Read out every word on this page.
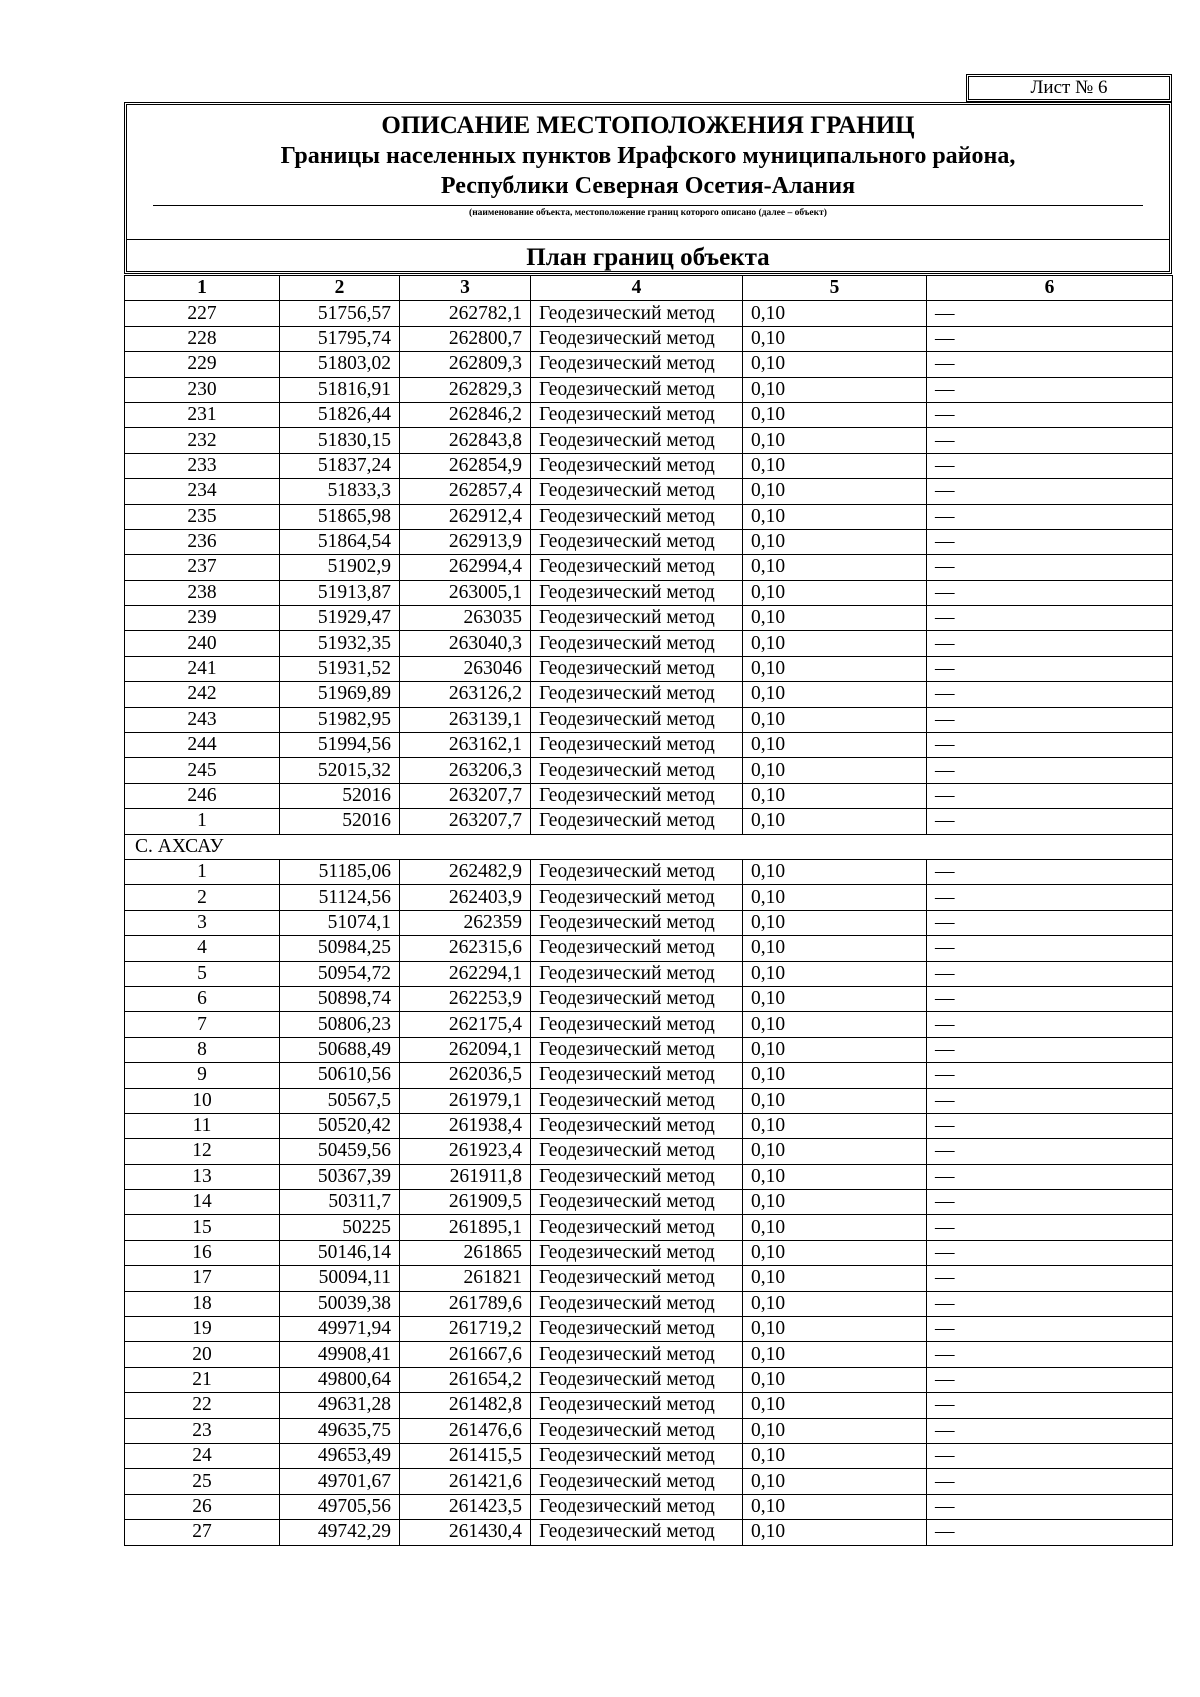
Лист № 6
ОПИСАНИЕ МЕСТОПОЛОЖЕНИЯ ГРАНИЦ
Границы населенных пунктов Ирафского муниципального района,
Республики Северная Осетия-Алания
(наименование объекта, местоположение границ которого описано (далее – объект)
План границ объекта
1	2	3	4	5	6
227	51756,57	262782,1	Геодезический метод	0,10	—
228	51795,74	262800,7	Геодезический метод	0,10	—
229	51803,02	262809,3	Геодезический метод	0,10	—
230	51816,91	262829,3	Геодезический метод	0,10	—
231	51826,44	262846,2	Геодезический метод	0,10	—
232	51830,15	262843,8	Геодезический метод	0,10	—
233	51837,24	262854,9	Геодезический метод	0,10	—
234	51833,3	262857,4	Геодезический метод	0,10	—
235	51865,98	262912,4	Геодезический метод	0,10	—
236	51864,54	262913,9	Геодезический метод	0,10	—
237	51902,9	262994,4	Геодезический метод	0,10	—
238	51913,87	263005,1	Геодезический метод	0,10	—
239	51929,47	263035	Геодезический метод	0,10	—
240	51932,35	263040,3	Геодезический метод	0,10	—
241	51931,52	263046	Геодезический метод	0,10	—
242	51969,89	263126,2	Геодезический метод	0,10	—
243	51982,95	263139,1	Геодезический метод	0,10	—
244	51994,56	263162,1	Геодезический метод	0,10	—
245	52015,32	263206,3	Геодезический метод	0,10	—
246	52016	263207,7	Геодезический метод	0,10	—
1	52016	263207,7	Геодезический метод	0,10	—
С. АХСАУ					
1	51185,06	262482,9	Геодезический метод	0,10	—
2	51124,56	262403,9	Геодезический метод	0,10	—
3	51074,1	262359	Геодезический метод	0,10	—
4	50984,25	262315,6	Геодезический метод	0,10	—
5	50954,72	262294,1	Геодезический метод	0,10	—
6	50898,74	262253,9	Геодезический метод	0,10	—
7	50806,23	262175,4	Геодезический метод	0,10	—
8	50688,49	262094,1	Геодезический метод	0,10	—
9	50610,56	262036,5	Геодезический метод	0,10	—
10	50567,5	261979,1	Геодезический метод	0,10	—
11	50520,42	261938,4	Геодезический метод	0,10	—
12	50459,56	261923,4	Геодезический метод	0,10	—
13	50367,39	261911,8	Геодезический метод	0,10	—
14	50311,7	261909,5	Геодезический метод	0,10	—
15	50225	261895,1	Геодезический метод	0,10	—
16	50146,14	261865	Геодезический метод	0,10	—
17	50094,11	261821	Геодезический метод	0,10	—
18	50039,38	261789,6	Геодезический метод	0,10	—
19	49971,94	261719,2	Геодезический метод	0,10	—
20	49908,41	261667,6	Геодезический метод	0,10	—
21	49800,64	261654,2	Геодезический метод	0,10	—
22	49631,28	261482,8	Геодезический метод	0,10	—
23	49635,75	261476,6	Геодезический метод	0,10	—
24	49653,49	261415,5	Геодезический метод	0,10	—
25	49701,67	261421,6	Геодезический метод	0,10	—
26	49705,56	261423,5	Геодезический метод	0,10	—
27	49742,29	261430,4	Геодезический метод	0,10	—
